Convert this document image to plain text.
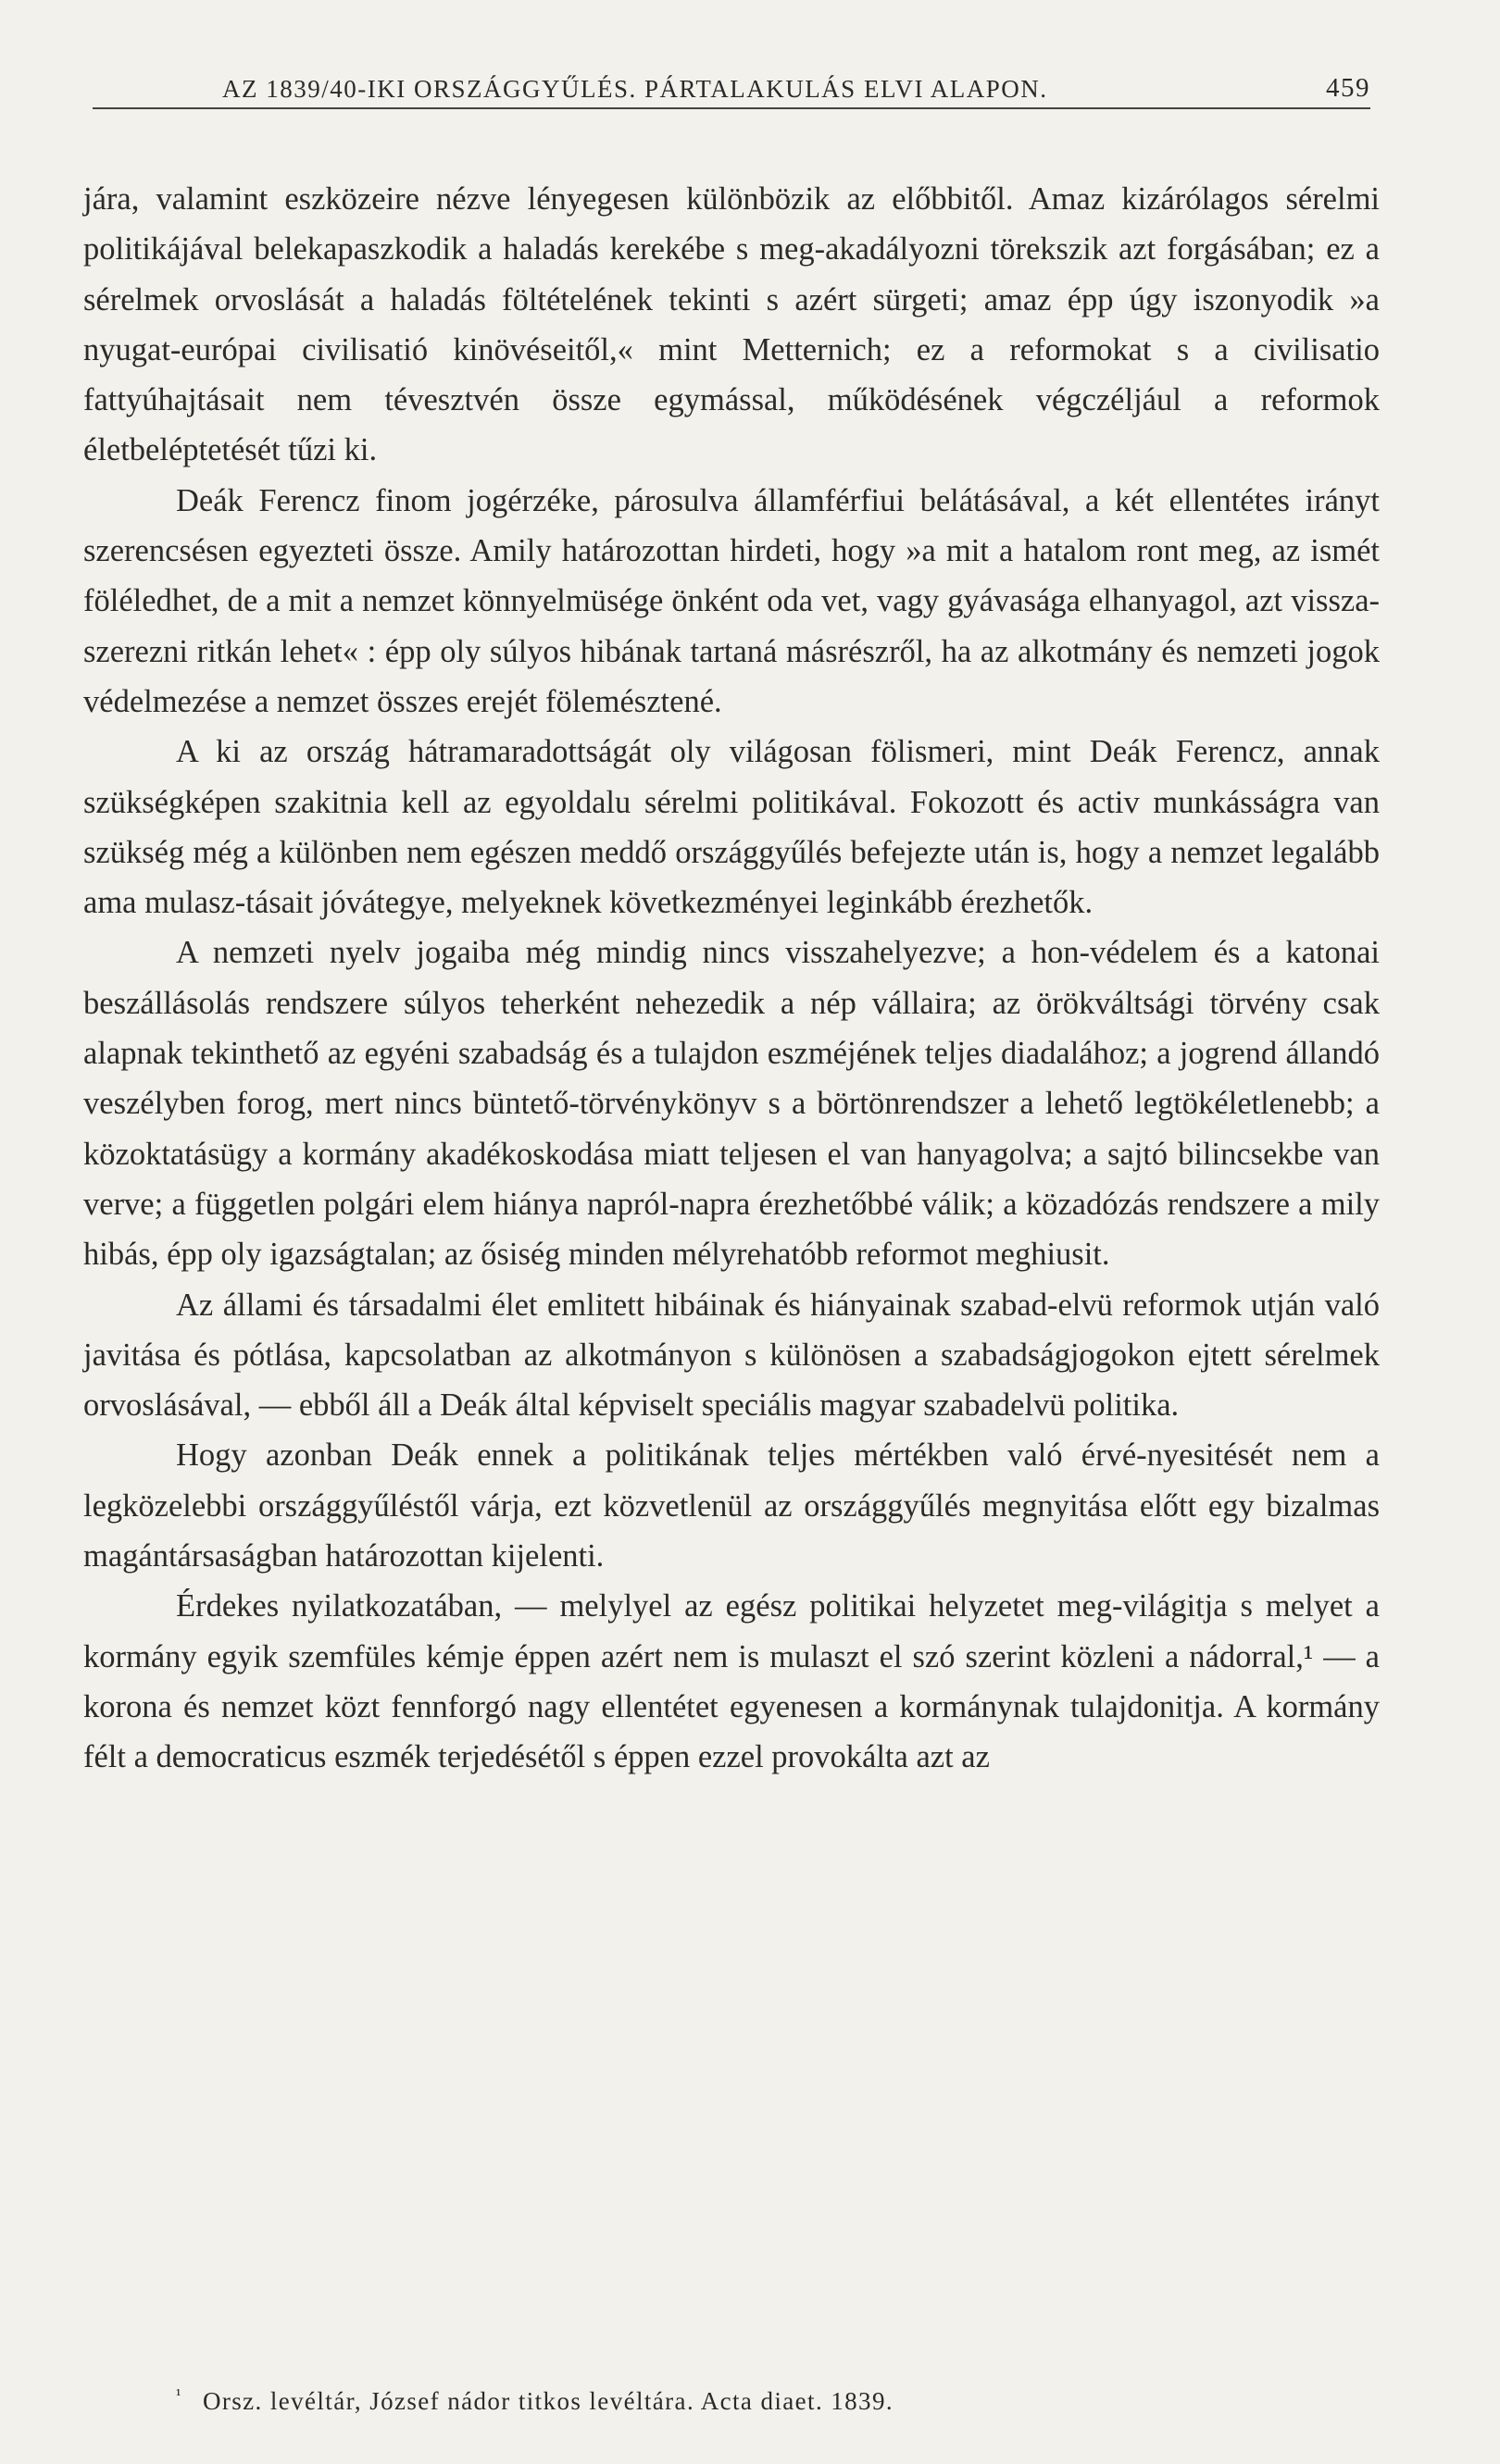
AZ 1839/40-IKI ORSZÁGGYŰLÉS. PÁRTALAKULÁS ELVI ALAPON.	459

jára, valamint eszközeire nézve lényegesen különbözik az előbbitől. Amaz kizárólagos sérelmi politikájával belekapaszkodik a haladás kerekébe s meg-akadályozni törekszik azt forgásában; ez a sérelmek orvoslását a haladás föltételének tekinti s azért sürgeti; amaz épp úgy iszonyodik »a nyugat-európai civilisatió kinövéseitől,« mint Metternich; ez a reformokat s a civilisatio fattyúhajtásait nem tévesztvén össze egymással, működésének végczéljául a reformok életbeléptetését tűzi ki.

Deák Ferencz finom jogérzéke, párosulva államférfiui belátásával, a két ellentétes irányt szerencsésen egyezteti össze. Amily határozottan hirdeti, hogy »a mit a hatalom ront meg, az ismét föléledhet, de a mit a nemzet könnyelmüsége önként oda vet, vagy gyávasága elhanyagol, azt vissza-szerezni ritkán lehet« : épp oly súlyos hibának tartaná másrészről, ha az alkotmány és nemzeti jogok védelmezése a nemzet összes erejét fölemésztené.

A ki az ország hátramaradottságát oly világosan fölismeri, mint Deák Ferencz, annak szükségképen szakitnia kell az egyoldalu sérelmi politikával. Fokozott és activ munkásságra van szükség még a különben nem egészen meddő országgyűlés befejezte után is, hogy a nemzet legalább ama mulasz-tásait jóvátegye, melyeknek következményei leginkább érezhetők.

A nemzeti nyelv jogaiba még mindig nincs visszahelyezve; a hon-védelem és a katonai beszállásolás rendszere súlyos teherként nehezedik a nép vállaira; az örökváltsági törvény csak alapnak tekinthető az egyéni szabadság és a tulajdon eszméjének teljes diadalához; a jogrend állandó veszélyben forog, mert nincs büntető-törvénykönyv s a börtönrendszer a lehető legtökéletlenebb; a közoktatásügy a kormány akadékoskodása miatt teljesen el van hanyagolva; a sajtó bilincsekbe van verve; a független polgári elem hiánya napról-napra érezhetőbbé válik; a közadózás rendszere a mily hibás, épp oly igazságtalan; az ősiség minden mélyrehatóbb reformot meghiusit.

Az állami és társadalmi élet emlitett hibáinak és hiányainak szabad-elvü reformok utján való javitása és pótlása, kapcsolatban az alkotmányon s különösen a szabadságjogokon ejtett sérelmek orvoslásával, — ebből áll a Deák által képviselt speciális magyar szabadelvü politika.

Hogy azonban Deák ennek a politikának teljes mértékben való érvé-nyesitését nem a legközelebbi országgyűléstől várja, ezt közvetlenül az országgyűlés megnyitása előtt egy bizalmas magántársaságban határozottan kijelenti.

Érdekes nyilatkozatában, — melylyel az egész politikai helyzetet meg-világitja s melyet a kormány egyik szemfüles kémje éppen azért nem is mulaszt el szó szerint közleni a nádorral,¹ — a korona és nemzet közt fennforgó nagy ellentétet egyenesen a kormánynak tulajdonitja. A kormány félt a democraticus eszmék terjedésétől s éppen ezzel provokálta azt az

$^{^1}$ Orsz. levéltár, József nádor titkos levéltára. Acta diaet. 1839.
